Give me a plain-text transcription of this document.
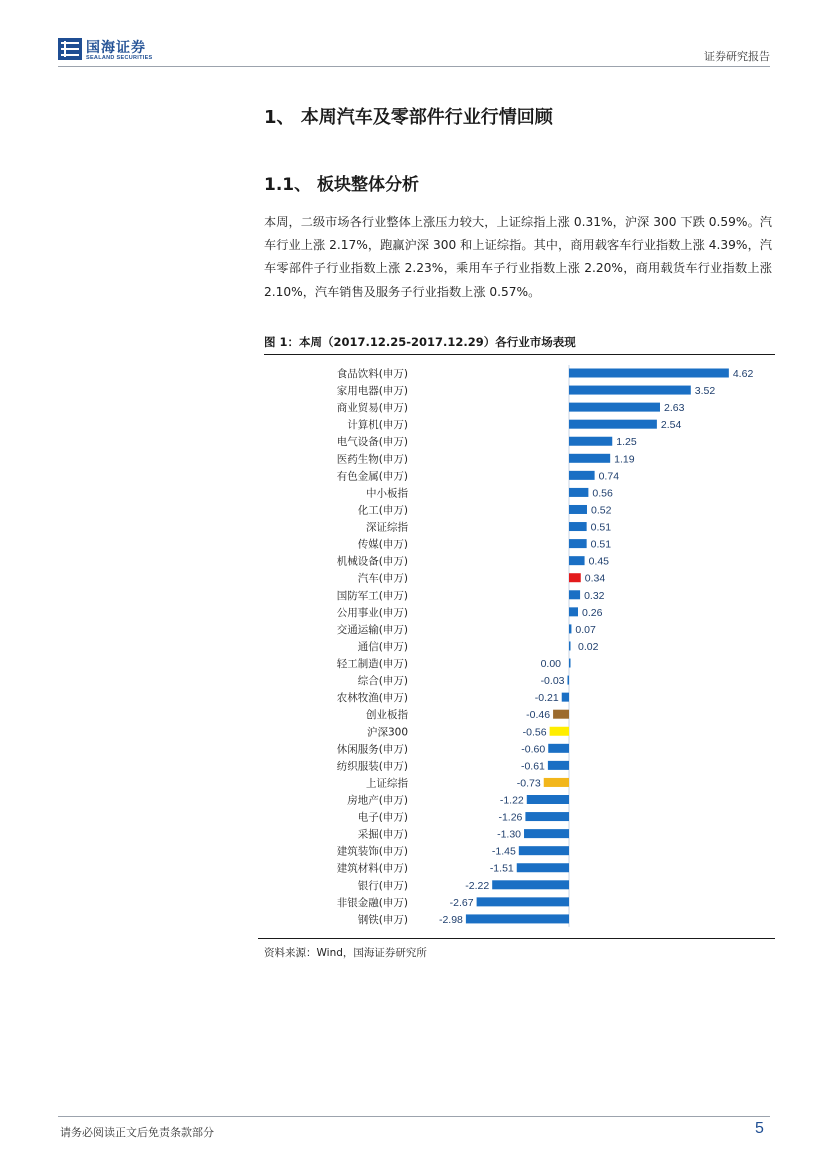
国海证券
SEALAND SECURITIES	证券研究报告
1、 本周汽车及零部件行业行情回顾
1.1、 板块整体分析
本周，二级市场各行业整体上涨压力较大，上证综指上涨 0.31%，沪深 300 下跌 0.59%。汽车行业上涨 2.17%，跑赢沪深 300 和上证综指。其中，商用载客车行业指数上涨 4.39%，汽车零部件子行业指数上涨 2.23%，乘用车子行业指数上涨 2.20%，商用载货车行业指数上涨 2.10%，汽车销售及服务子行业指数上涨 0.57%。
图 1：本周（2017.12.25-2017.12.29）各行业市场表现
食品饮料(申万)	4.62
家用电器(申万)	3.52
商业贸易(申万)	2.63
计算机(申万)	2.54
电气设备(申万)	1.25
医药生物(申万)	1.19
有色金属(申万)	0.74
中小板指	0.56
化工(申万)	0.52
深证综指	0.51
传媒(申万)	0.51
机械设备(申万)	0.45
汽车(申万)	0.34
国防军工(申万)	0.32
公用事业(申万)	0.26
交通运输(申万)	0.07
通信(申万)	0.02
轻工制造(申万)	0.00
综合(申万)	-0.03
农林牧渔(申万)	-0.21
创业板指	-0.46
沪深300	-0.56
休闲服务(申万)	-0.60
纺织服装(申万)	-0.61
上证综指	-0.73
房地产(申万)	-1.22
电子(申万)	-1.26
采掘(申万)	-1.30
建筑装饰(申万)	-1.45
建筑材料(申万)	-1.51
银行(申万)	-2.22
非银金融(申万)	-2.67
钢铁(申万)	-2.98
资料来源：Wind，国海证券研究所
请务必阅读正文后免责条款部分	5
